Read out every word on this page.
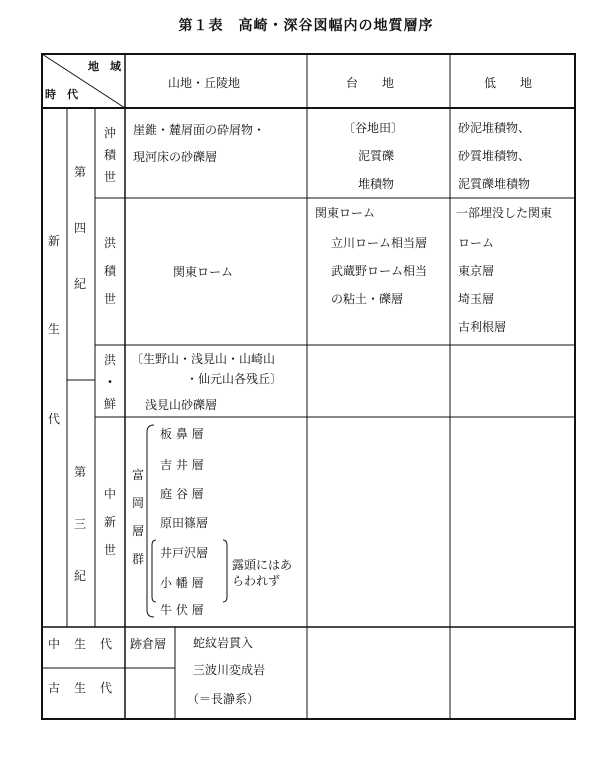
第１表　高崎・深谷図幅内の地質層序
地　域
時　代
山地・丘陵地	台　　地	低　　地
新
生
代
第
四
紀
第
三
紀
沖
積
世
洪
積
世
洪
・
鮮
中
新
世
崖錐・麓屑面の砕屑物・
現河床の砂礫層
〔谷地田〕
泥質礫
堆積物
砂泥堆積物、
砂質堆積物、
泥質礫堆積物
関東ローム
関東ローム
立川ローム相当層
武蔵野ローム相当
の粘土・礫層
一部埋没した関東
ローム
東京層
埼玉層
古利根層
〔生野山・浅見山・山崎山
・仙元山各残丘〕
浅見山砂礫層
富
岡
層
群
板 鼻 層
吉 井 層
庭 谷 層
原田篠層
井戸沢層
小 幡 層
牛 伏 層
露頭にはあ
らわれず
中　生　代
古　生　代
跡倉層 蛇紋岩貫入
三波川変成岩
（＝長瀞系）
